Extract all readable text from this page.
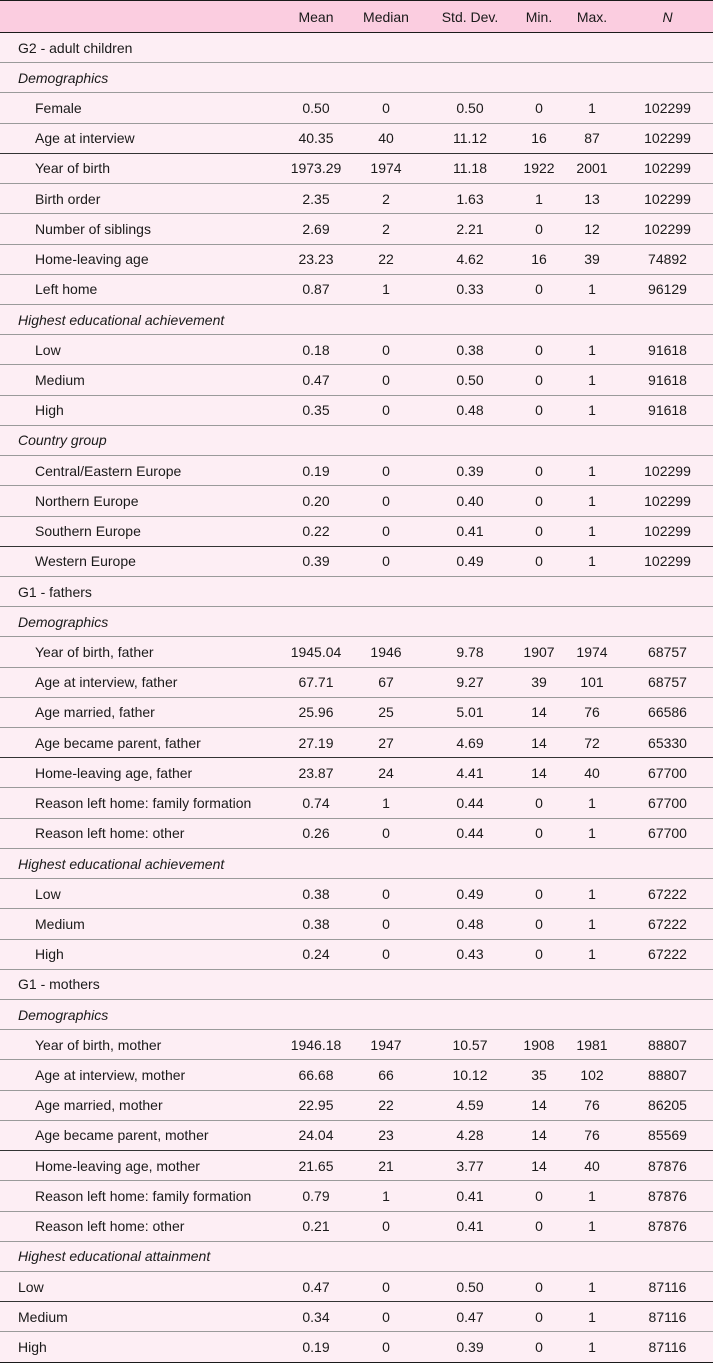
	Mean	Median	Std. Dev.	Min.	Max.	N
G2 - adult children						
Demographics						
Female	0.50	0	0.50	0	1	102299
Age at interview	40.35	40	11.12	16	87	102299
Year of birth	1973.29	1974	11.18	1922	2001	102299
Birth order	2.35	2	1.63	1	13	102299
Number of siblings	2.69	2	2.21	0	12	102299
Home-leaving age	23.23	22	4.62	16	39	74892
Left home	0.87	1	0.33	0	1	96129
Highest educational achievement						
Low	0.18	0	0.38	0	1	91618
Medium	0.47	0	0.50	0	1	91618
High	0.35	0	0.48	0	1	91618
Country group						
Central/Eastern Europe	0.19	0	0.39	0	1	102299
Northern Europe	0.20	0	0.40	0	1	102299
Southern Europe	0.22	0	0.41	0	1	102299
Western Europe	0.39	0	0.49	0	1	102299
G1 - fathers						
Demographics						
Year of birth, father	1945.04	1946	9.78	1907	1974	68757
Age at interview, father	67.71	67	9.27	39	101	68757
Age married, father	25.96	25	5.01	14	76	66586
Age became parent, father	27.19	27	4.69	14	72	65330
Home-leaving age, father	23.87	24	4.41	14	40	67700
Reason left home: family formation	0.74	1	0.44	0	1	67700
Reason left home: other	0.26	0	0.44	0	1	67700
Highest educational achievement						
Low	0.38	0	0.49	0	1	67222
Medium	0.38	0	0.48	0	1	67222
High	0.24	0	0.43	0	1	67222
G1 - mothers						
Demographics						
Year of birth, mother	1946.18	1947	10.57	1908	1981	88807
Age at interview, mother	66.68	66	10.12	35	102	88807
Age married, mother	22.95	22	4.59	14	76	86205
Age became parent, mother	24.04	23	4.28	14	76	85569
Home-leaving age, mother	21.65	21	3.77	14	40	87876
Reason left home: family formation	0.79	1	0.41	0	1	87876
Reason left home: other	0.21	0	0.41	0	1	87876
Highest educational attainment						
Low	0.47	0	0.50	0	1	87116
Medium	0.34	0	0.47	0	1	87116
High	0.19	0	0.39	0	1	87116
